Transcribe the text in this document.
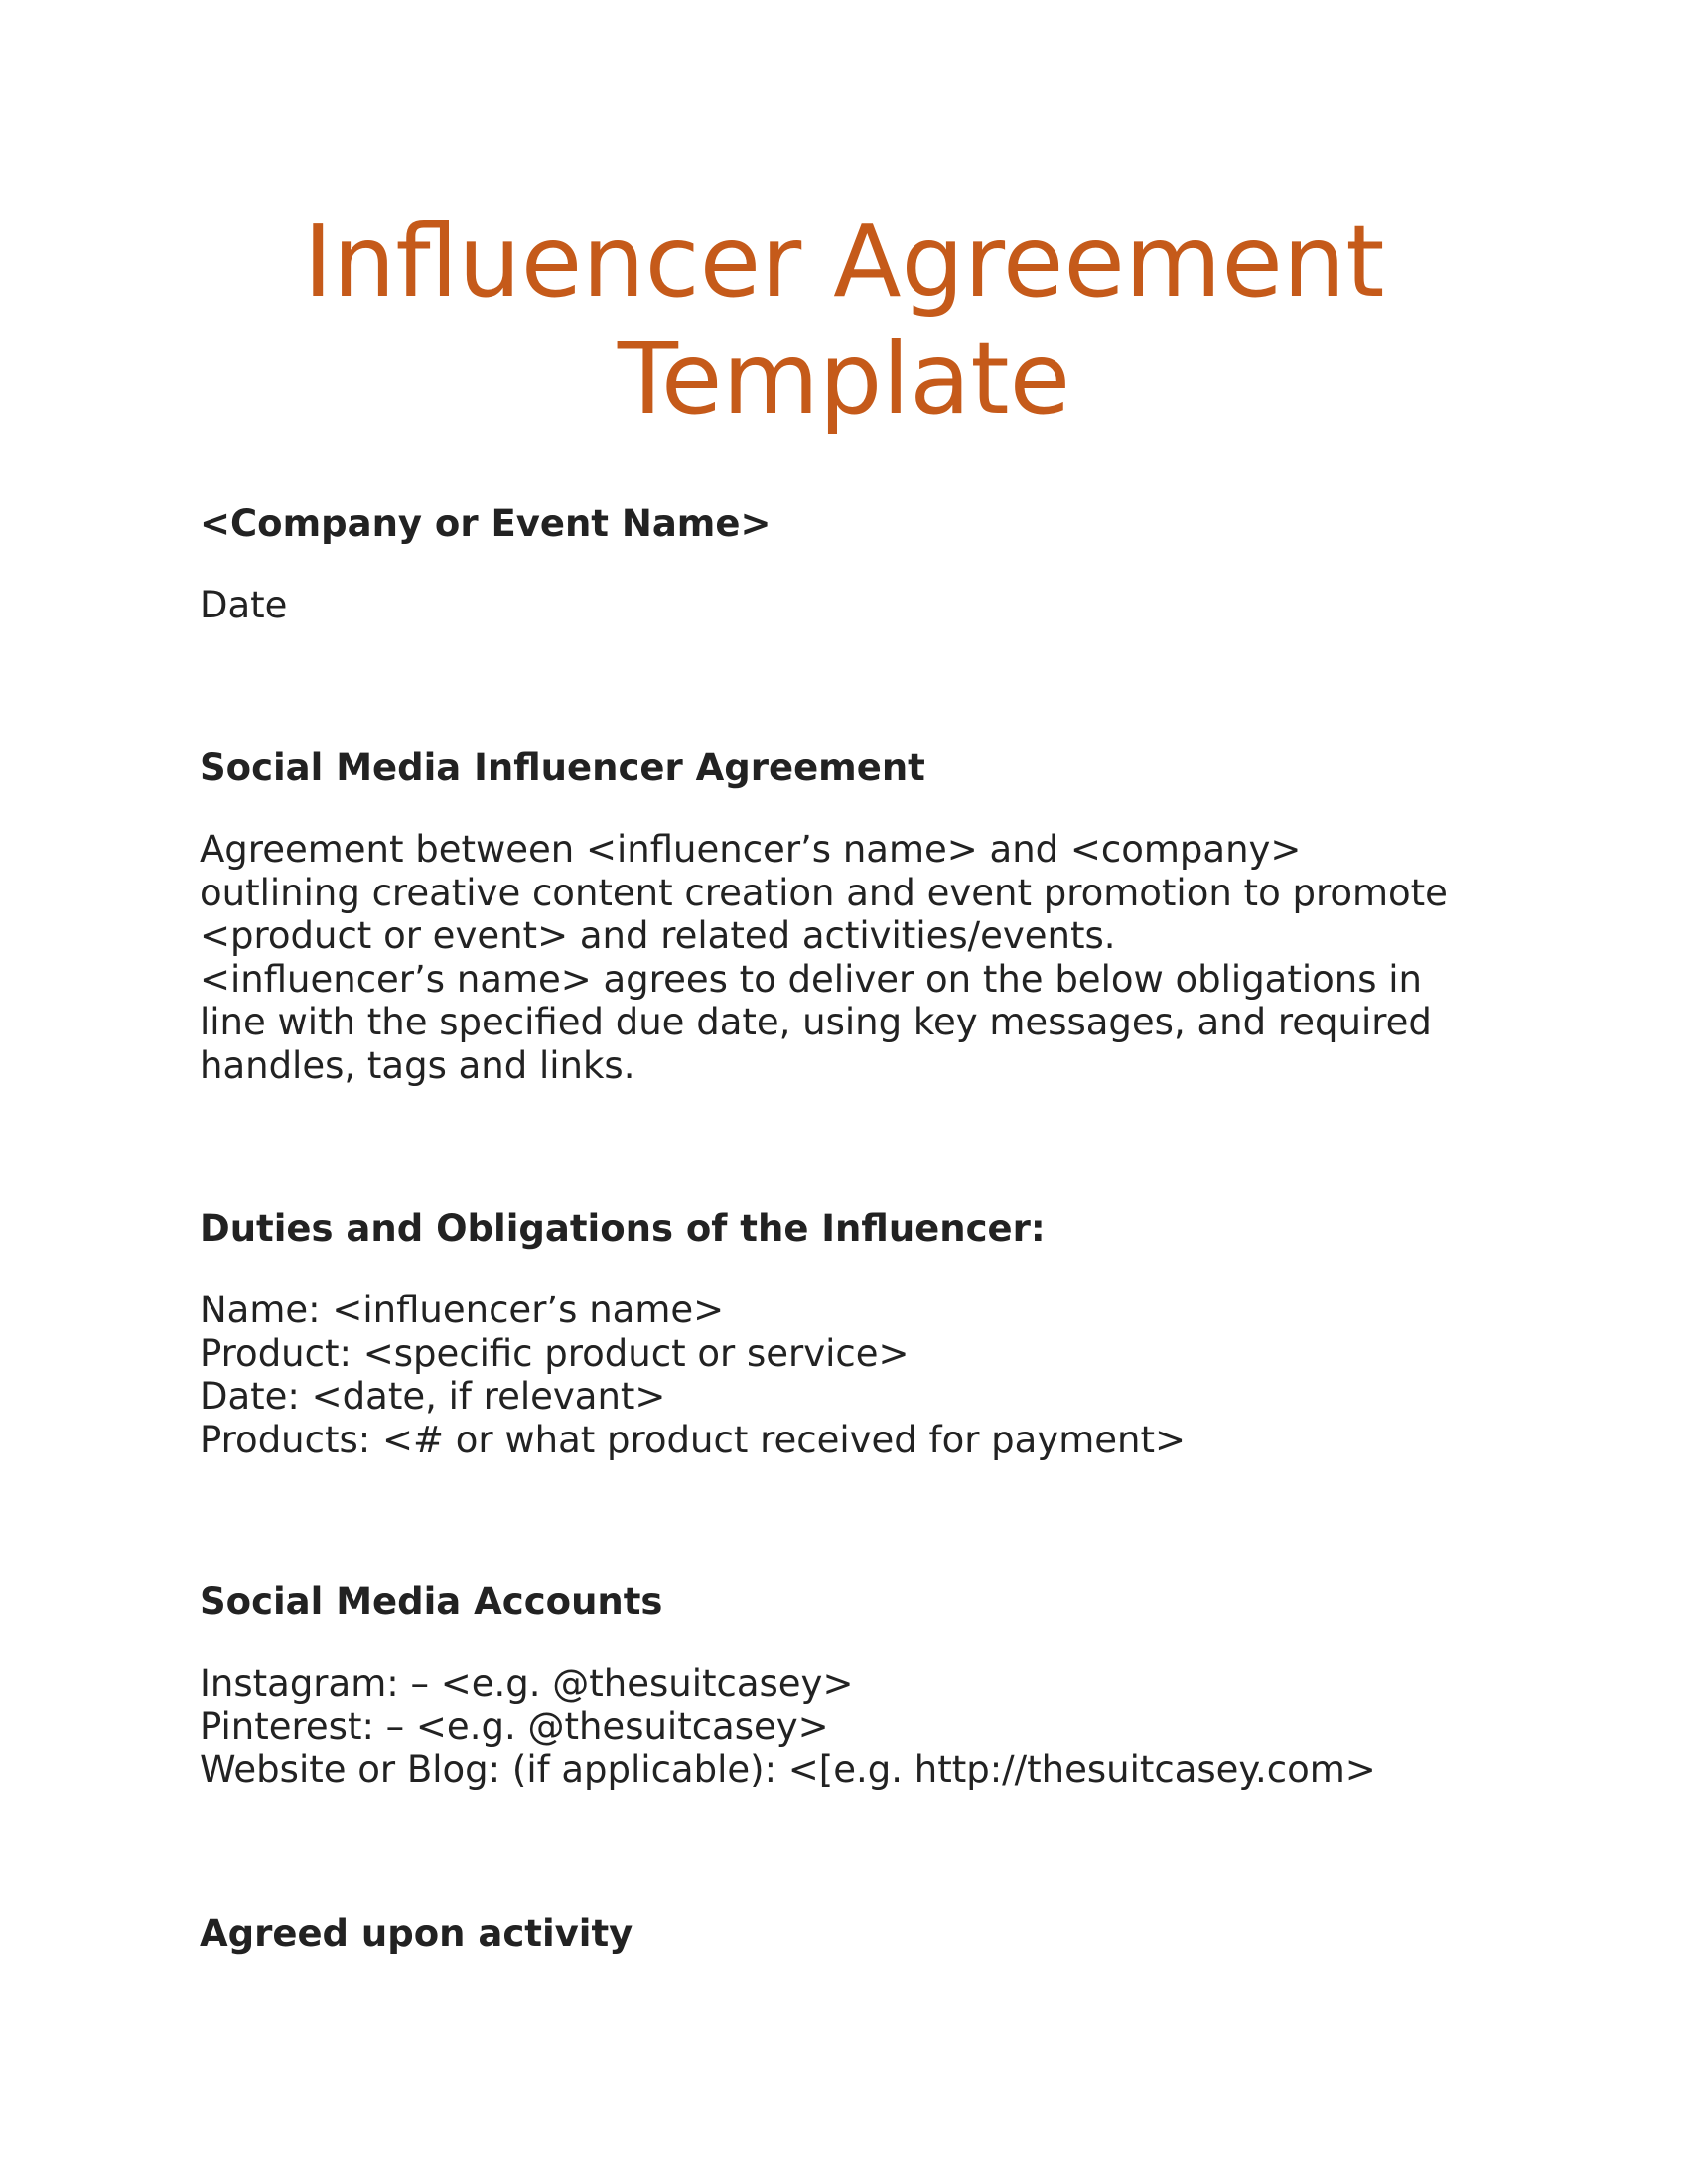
Influencer Agreement
Template

<Company or Event Name>

Date

Social Media Influencer Agreement
Agreement between <influencer’s name> and <company>
outlining creative content creation and event promotion to promote
<product or event> and related activities/events.
<influencer’s name> agrees to deliver on the below obligations in
line with the specified due date, using key messages, and required
handles, tags and links.
Duties and Obligations of the Influencer:
Name: <influencer’s name>
Product: <specific product or service>
Date: <date, if relevant>
Products: <# or what product received for payment>
Social Media Accounts
Instagram: – <e.g. @thesuitcasey>
Pinterest: – <e.g. @thesuitcasey>
Website or Blog: (if applicable): <[e.g. http://thesuitcasey.com>
Agreed upon activity
